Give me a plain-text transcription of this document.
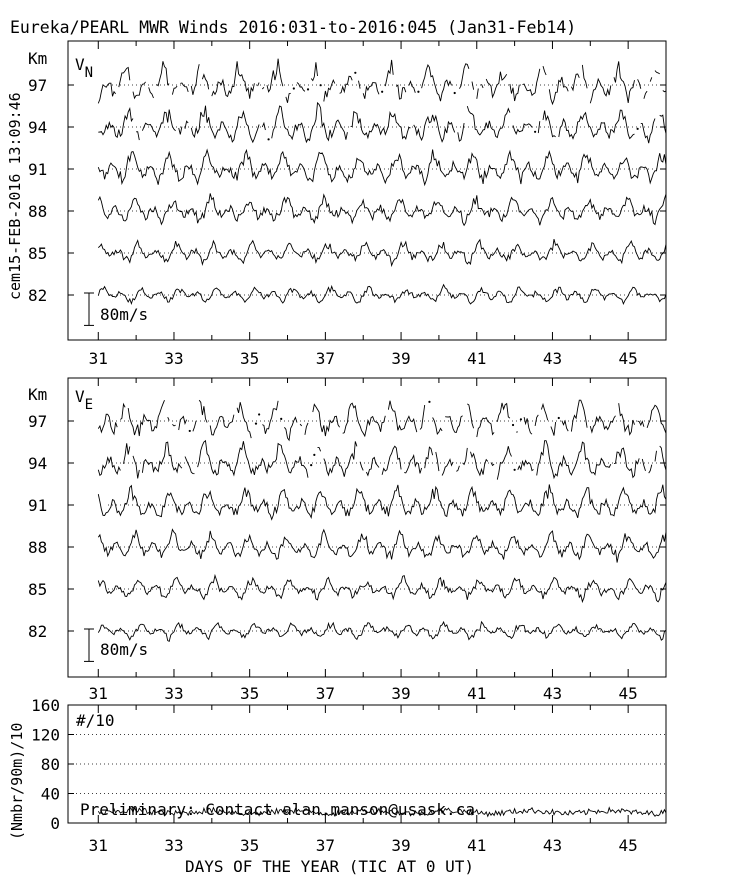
Eureka/PEARL MWR Winds 2016:031-to-2016:045 (Jan31-Feb14)
cem15-FEB-2016 13:09:46
Km VN
82
85
88
91
94
97
80m/s
31	33	35	37	39	41	43	45
Km VE
82
85
88
91
94
97
80m/s
31	33	35	37	39	41	43	45
(Nmbr/90m)/10
#/10
Preliminary: Contact alan.manson@usask.ca
0
40
80
120
160
31	33	35	37	39	41	43	45
DAYS OF THE YEAR (TIC AT 0 UT)
